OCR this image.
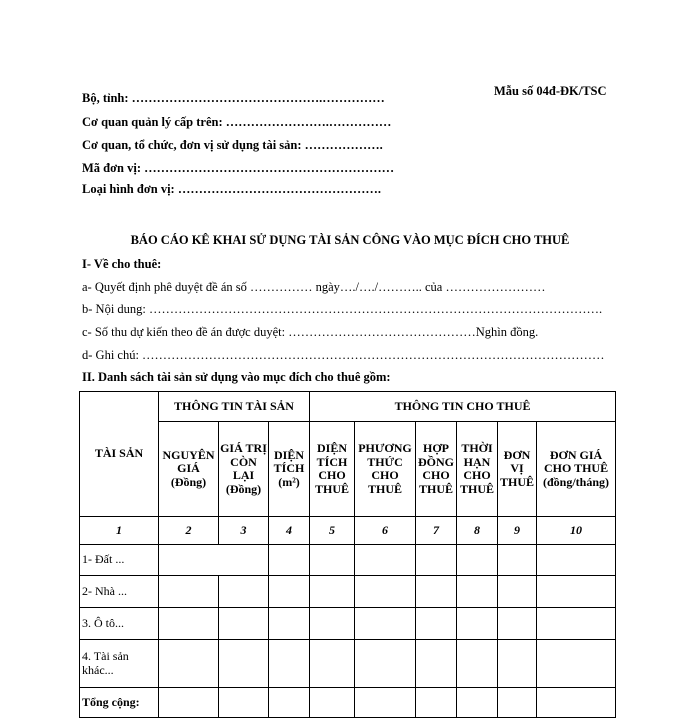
Mẫu số 04đ-ĐK/TSC
Bộ, tỉnh: ……………………………………….……………
Cơ quan quản lý cấp trên: …………………….……………
Cơ quan, tổ chức, đơn vị sử dụng tài sản: ……………….
Mã đơn vị: ……………………………………………………
Loại hình đơn vị: ………………………………………….
BÁO CÁO KÊ KHAI SỬ DỤNG TÀI SẢN CÔNG VÀO MỤC ĐÍCH CHO THUÊ
I- Về cho thuê:
a- Quyết định phê duyệt đề án số …………… ngày…./…./……….. của ……………………
b- Nội dung: ……………………………………………………………………………………………….
c- Số thu dự kiến theo đề án được duyệt: ………………………………………Nghìn đồng.
d- Ghi chú: …………………………………………………………………………………………………
II. Danh sách tài sản sử dụng vào mục đích cho thuê gồm:
TÀI SẢN	THÔNG TIN TÀI SẢN			THÔNG TIN CHO THUÊ					
	NGUYÊN GIÁ (Đồng)	GIÁ TRỊ CÒN LẠI (Đồng)	DIỆN TÍCH (m²)	DIỆN TÍCH CHO THUÊ	PHƯƠNG THỨC CHO THUÊ	HỢP ĐỒNG CHO THUÊ	THỜI HẠN CHO THUÊ	ĐƠN VỊ THUÊ	ĐƠN GIÁ CHO THUÊ (đồng/tháng)
1	2	3	4	5	6	7	8	9	10
1- Đất ...									
2- Nhà ...									
3. Ô tô...									
4. Tài sản khác...									
Tổng cộng:									
